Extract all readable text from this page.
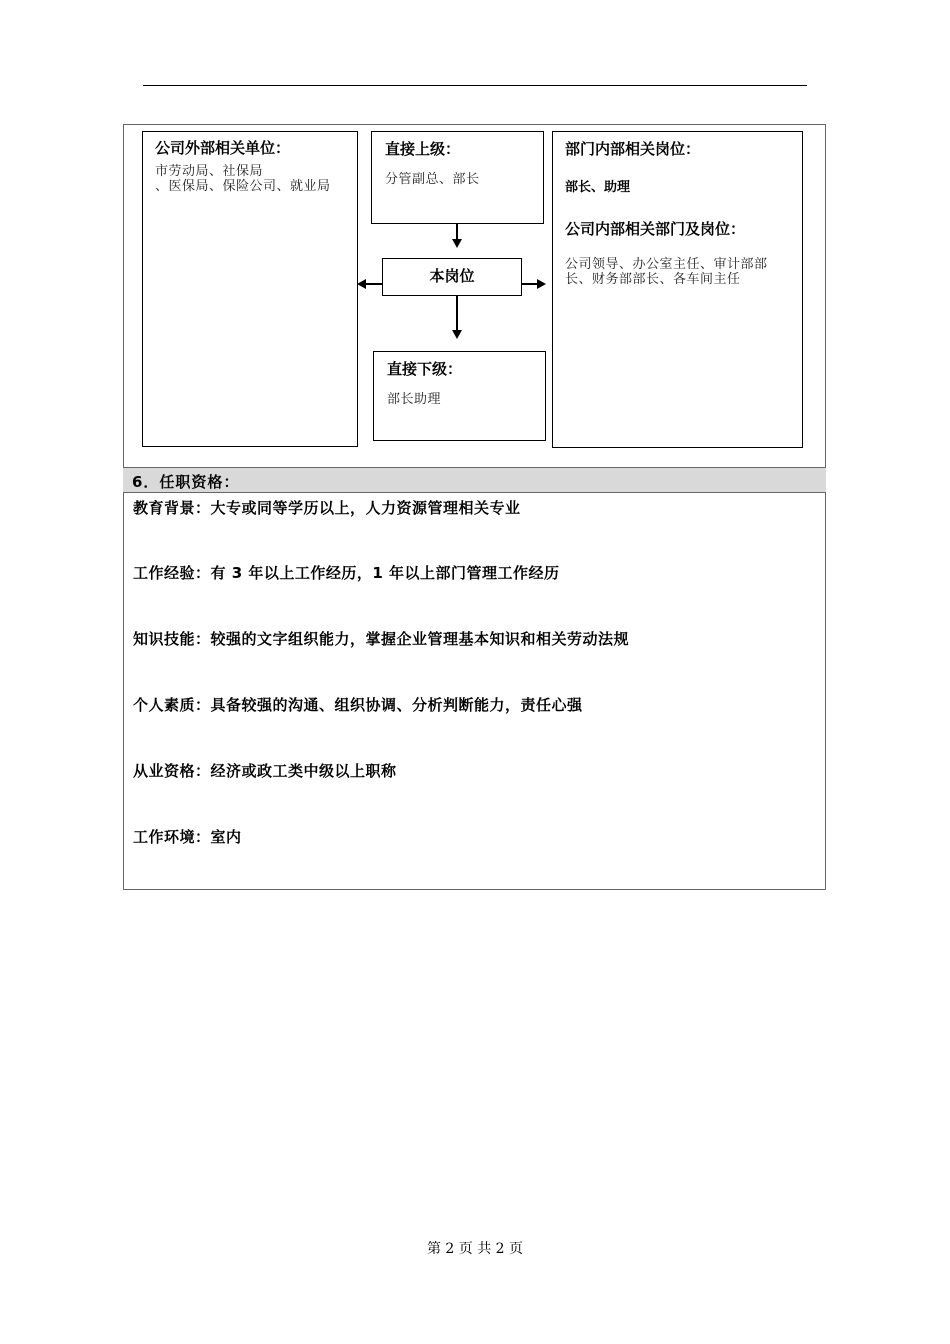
公司外部相关单位：
市劳动局、社保局
、医保局、保险公司、就业局
直接上级：
分管副总、部长
部门内部相关岗位：
部长、助理
公司内部相关部门及岗位：
公司领导、办公室主任、审计部部
长、财务部部长、各车间主任
本岗位
直接下级：
部长助理
6．任职资格：
教育背景：大专或同等学历以上，人力资源管理相关专业
工作经验：有 3 年以上工作经历，1 年以上部门管理工作经历
知识技能：较强的文字组织能力，掌握企业管理基本知识和相关劳动法规
个人素质：具备较强的沟通、组织协调、分析判断能力，责任心强
从业资格：经济或政工类中级以上职称
工作环境：室内
第 2 页 共 2 页
